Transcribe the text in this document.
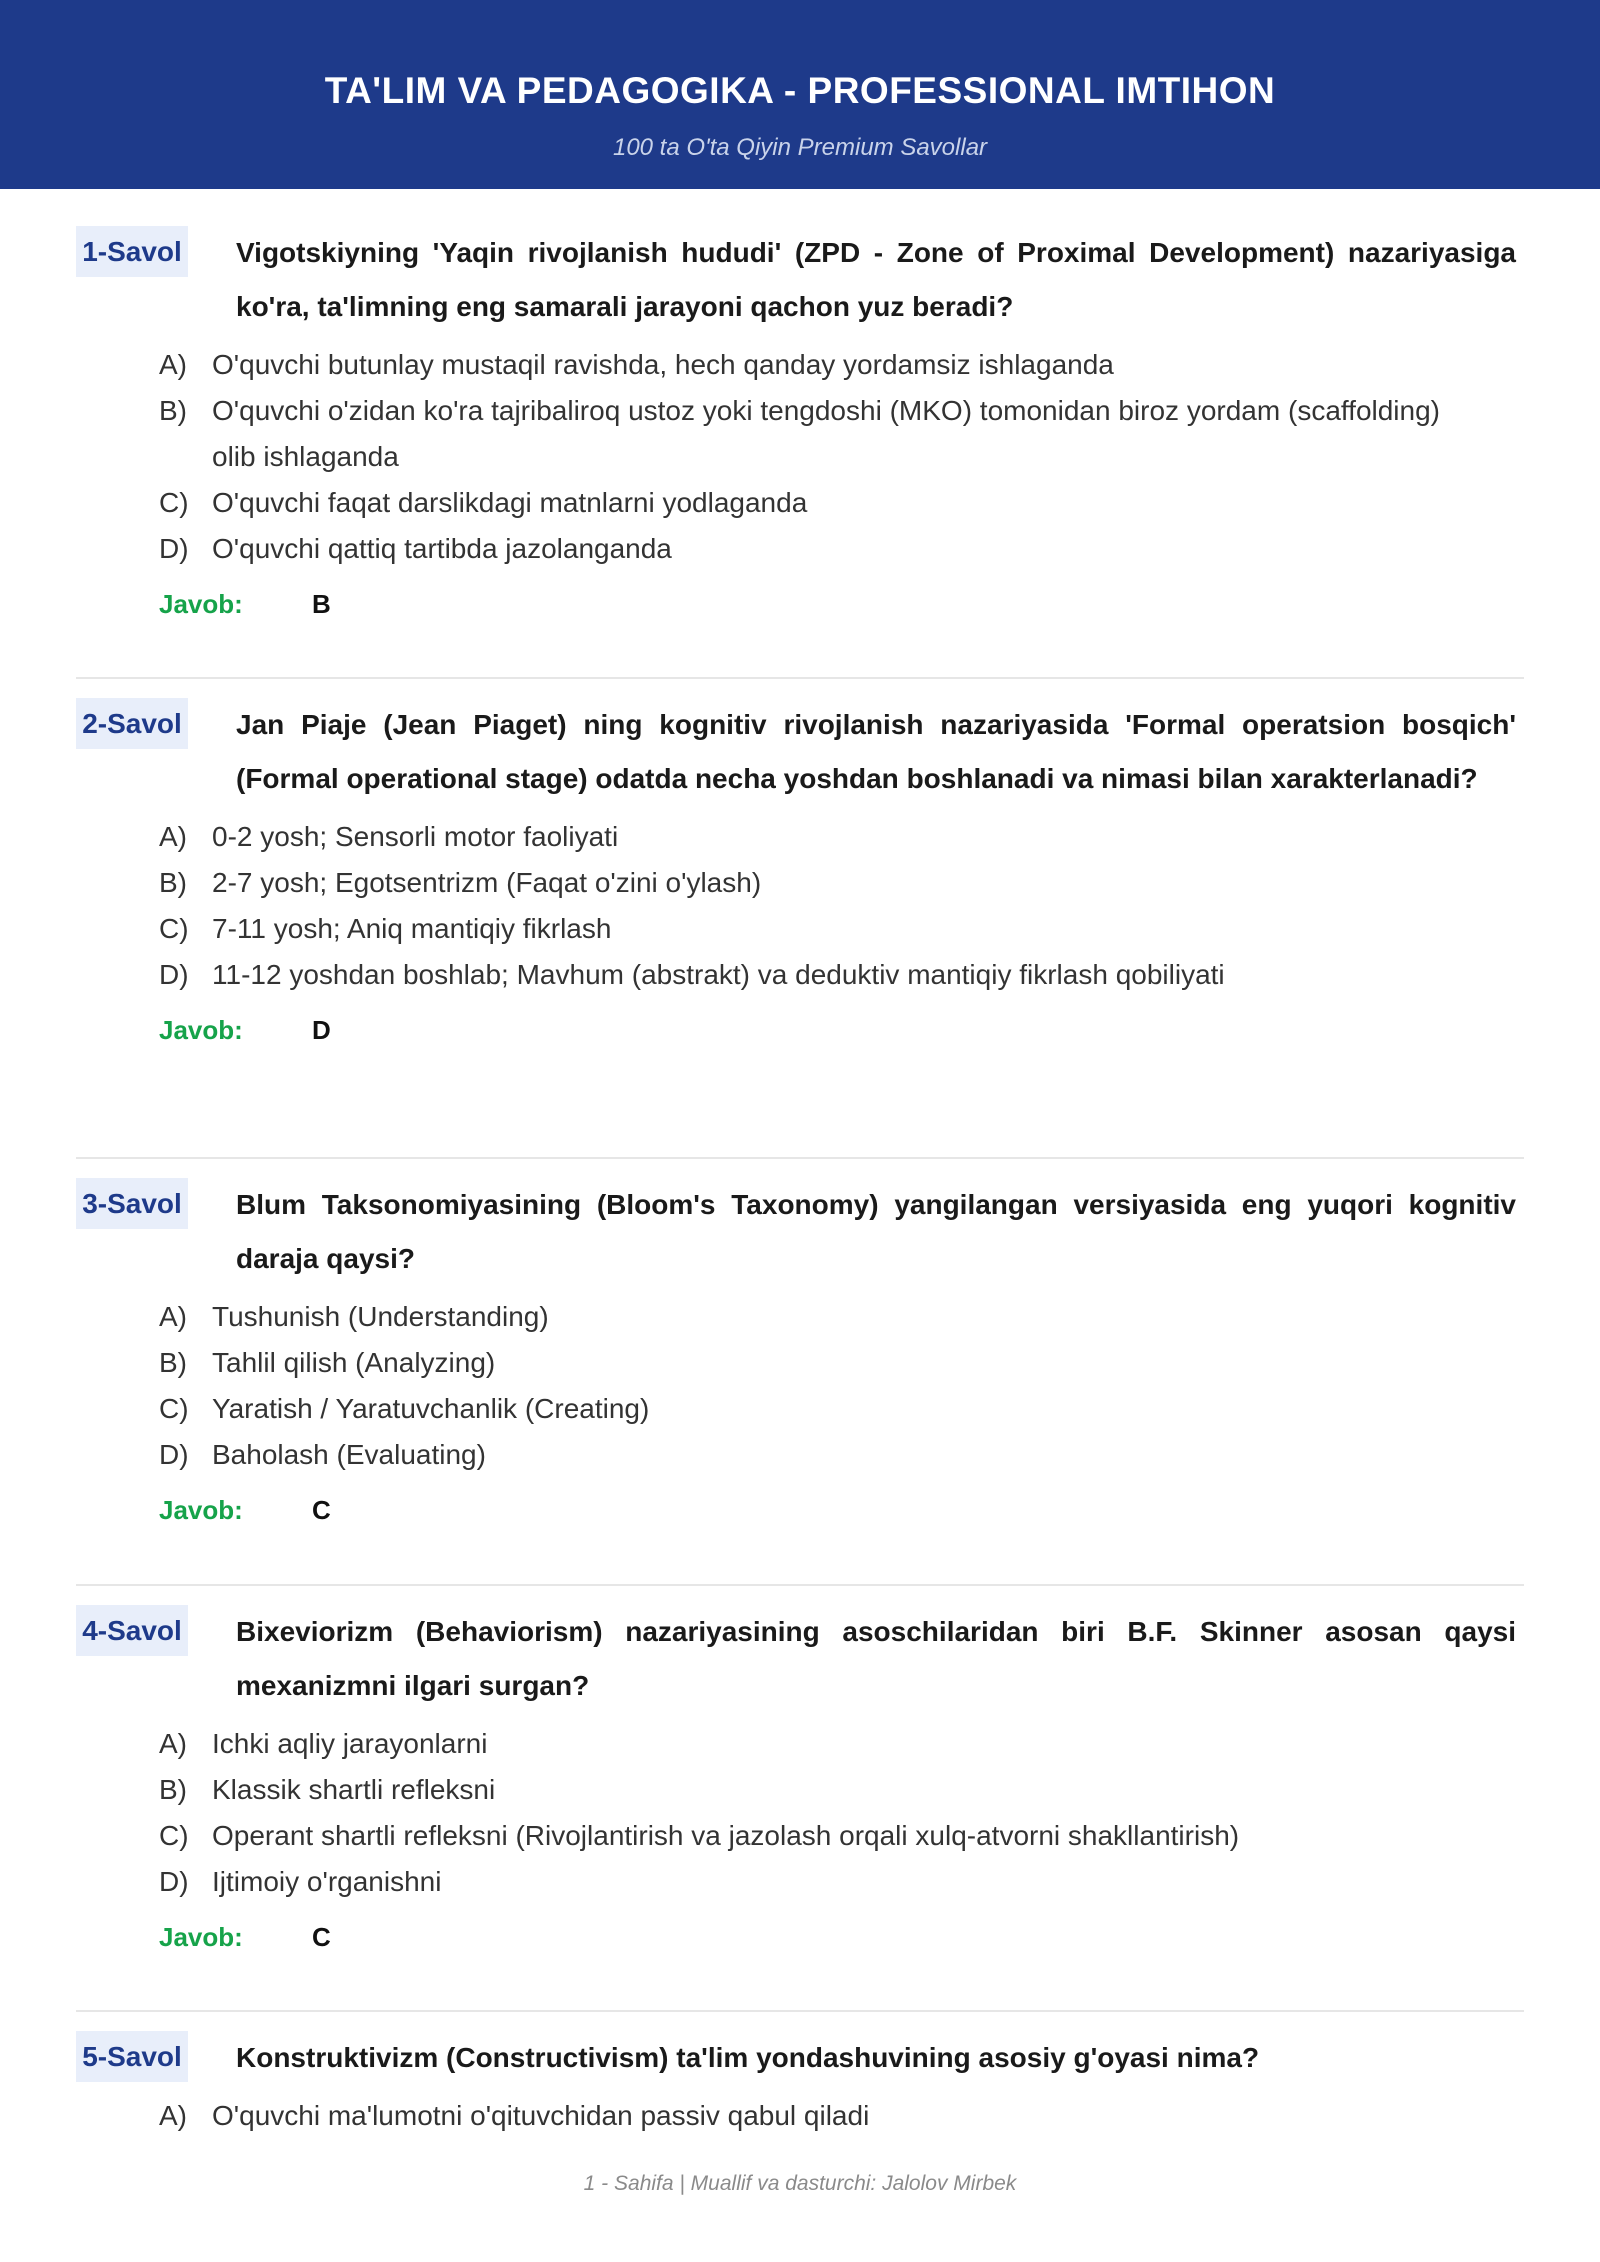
TA'LIM VA PEDAGOGIKA - PROFESSIONAL IMTIHON
100 ta O'ta Qiyin Premium Savollar
1-Savol Vigotskiyning 'Yaqin rivojlanish hududi' (ZPD - Zone of Proximal Development) nazariyasiga ko'ra, ta'limning eng samarali jarayoni qachon yuz beradi?
A) O'quvchi butunlay mustaqil ravishda, hech qanday yordamsiz ishlaganda
B) O'quvchi o'zidan ko'ra tajribaliroq ustoz yoki tengdoshi (MKO) tomonidan biroz yordam (scaffolding) olib ishlaganda
C) O'quvchi faqat darslikdagi matnlarni yodlaganda
D) O'quvchi qattiq tartibda jazolanganda
Javob:	B
2-Savol Jan Piaje (Jean Piaget) ning kognitiv rivojlanish nazariyasida 'Formal operatsion bosqich' (Formal operational stage) odatda necha yoshdan boshlanadi va nimasi bilan xarakterlanadi?
A) 0-2 yosh; Sensorli motor faoliyati
B) 2-7 yosh; Egotsentrizm (Faqat o'zini o'ylash)
C) 7-11 yosh; Aniq mantiqiy fikrlash
D) 11-12 yoshdan boshlab; Mavhum (abstrakt) va deduktiv mantiqiy fikrlash qobiliyati
Javob:	D
3-Savol Blum Taksonomiyasining (Bloom's Taxonomy) yangilangan versiyasida eng yuqori kognitiv daraja qaysi?
A) Tushunish (Understanding)
B) Tahlil qilish (Analyzing)
C) Yaratish / Yaratuvchanlik (Creating)
D) Baholash (Evaluating)
Javob:	C
4-Savol Bixeviorizm (Behaviorism) nazariyasining asoschilaridan biri B.F. Skinner asosan qaysi mexanizmni ilgari surgan?
A) Ichki aqliy jarayonlarni
B) Klassik shartli refleksni
C) Operant shartli refleksni (Rivojlantirish va jazolash orqali xulq-atvorni shakllantirish)
D) Ijtimoiy o'rganishni
Javob:	C
5-Savol Konstruktivizm (Constructivism) ta'lim yondashuvining asosiy g'oyasi nima?
A) O'quvchi ma'lumotni o'qituvchidan passiv qabul qiladi
1 - Sahifa | Muallif va dasturchi: Jalolov Mirbek
